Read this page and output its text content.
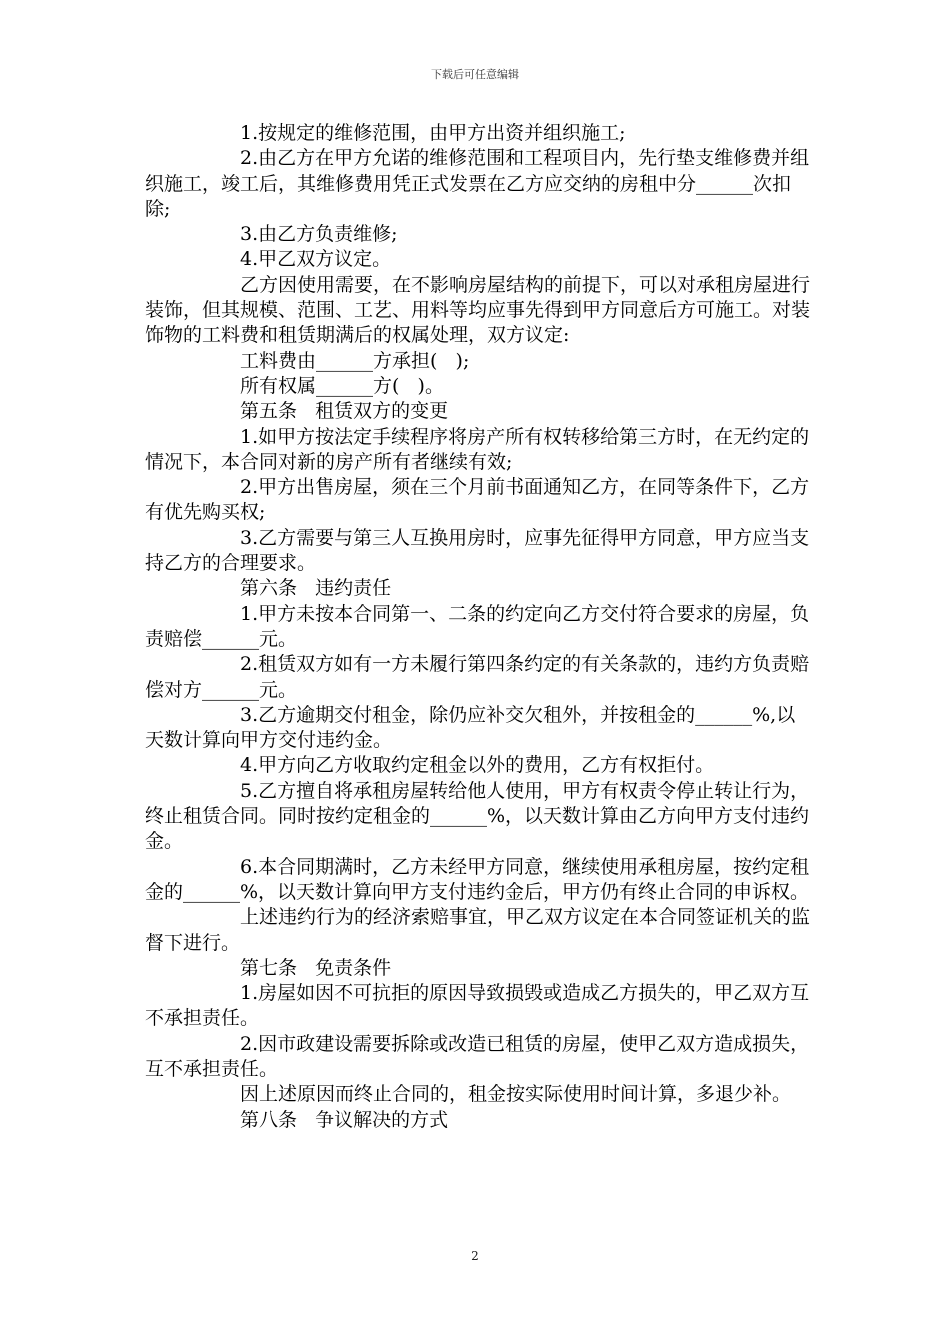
下载后可任意编辑

1.按规定的维修范围，由甲方出资并组织施工;

2.由乙方在甲方允诺的维修范围和工程项目内，先行垫支维修费并组织施工，竣工后，其维修费用凭正式发票在乙方应交纳的房租中分______次扣除;

3.由乙方负责维修;

4.甲乙双方议定。

乙方因使用需要，在不影响房屋结构的前提下，可以对承租房屋进行装饰，但其规模、范围、工艺、用料等均应事先得到甲方同意后方可施工。对装饰物的工料费和租赁期满后的权属处理，双方议定:

工料费由______方承担(   );

所有权属______方(   )。

第五条   租赁双方的变更

1.如甲方按法定手续程序将房产所有权转移给第三方时，在无约定的情况下，本合同对新的房产所有者继续有效;

2.甲方出售房屋，须在三个月前书面通知乙方，在同等条件下，乙方有优先购买权;

3.乙方需要与第三人互换用房时，应事先征得甲方同意，甲方应当支持乙方的合理要求。

第六条   违约责任

1.甲方未按本合同第一、二条的约定向乙方交付符合要求的房屋，负责赔偿______元。

2.租赁双方如有一方未履行第四条约定的有关条款的，违约方负责赔偿对方______元。

3.乙方逾期交付租金，除仍应补交欠租外，并按租金的______%,以天数计算向甲方交付违约金。

4.甲方向乙方收取约定租金以外的费用，乙方有权拒付。

5.乙方擅自将承租房屋转给他人使用，甲方有权责令停止转让行为，终止租赁合同。同时按约定租金的______%，以天数计算由乙方向甲方支付违约金。

6.本合同期满时，乙方未经甲方同意，继续使用承租房屋，按约定租金的______%，以天数计算向甲方支付违约金后，甲方仍有终止合同的申诉权。

上述违约行为的经济索赔事宜，甲乙双方议定在本合同签证机关的监督下进行。

第七条   免责条件

1.房屋如因不可抗拒的原因导致损毁或造成乙方损失的，甲乙双方互不承担责任。

2.因市政建设需要拆除或改造已租赁的房屋，使甲乙双方造成损失，互不承担责任。

因上述原因而终止合同的，租金按实际使用时间计算，多退少补。

第八条   争议解决的方式

2
